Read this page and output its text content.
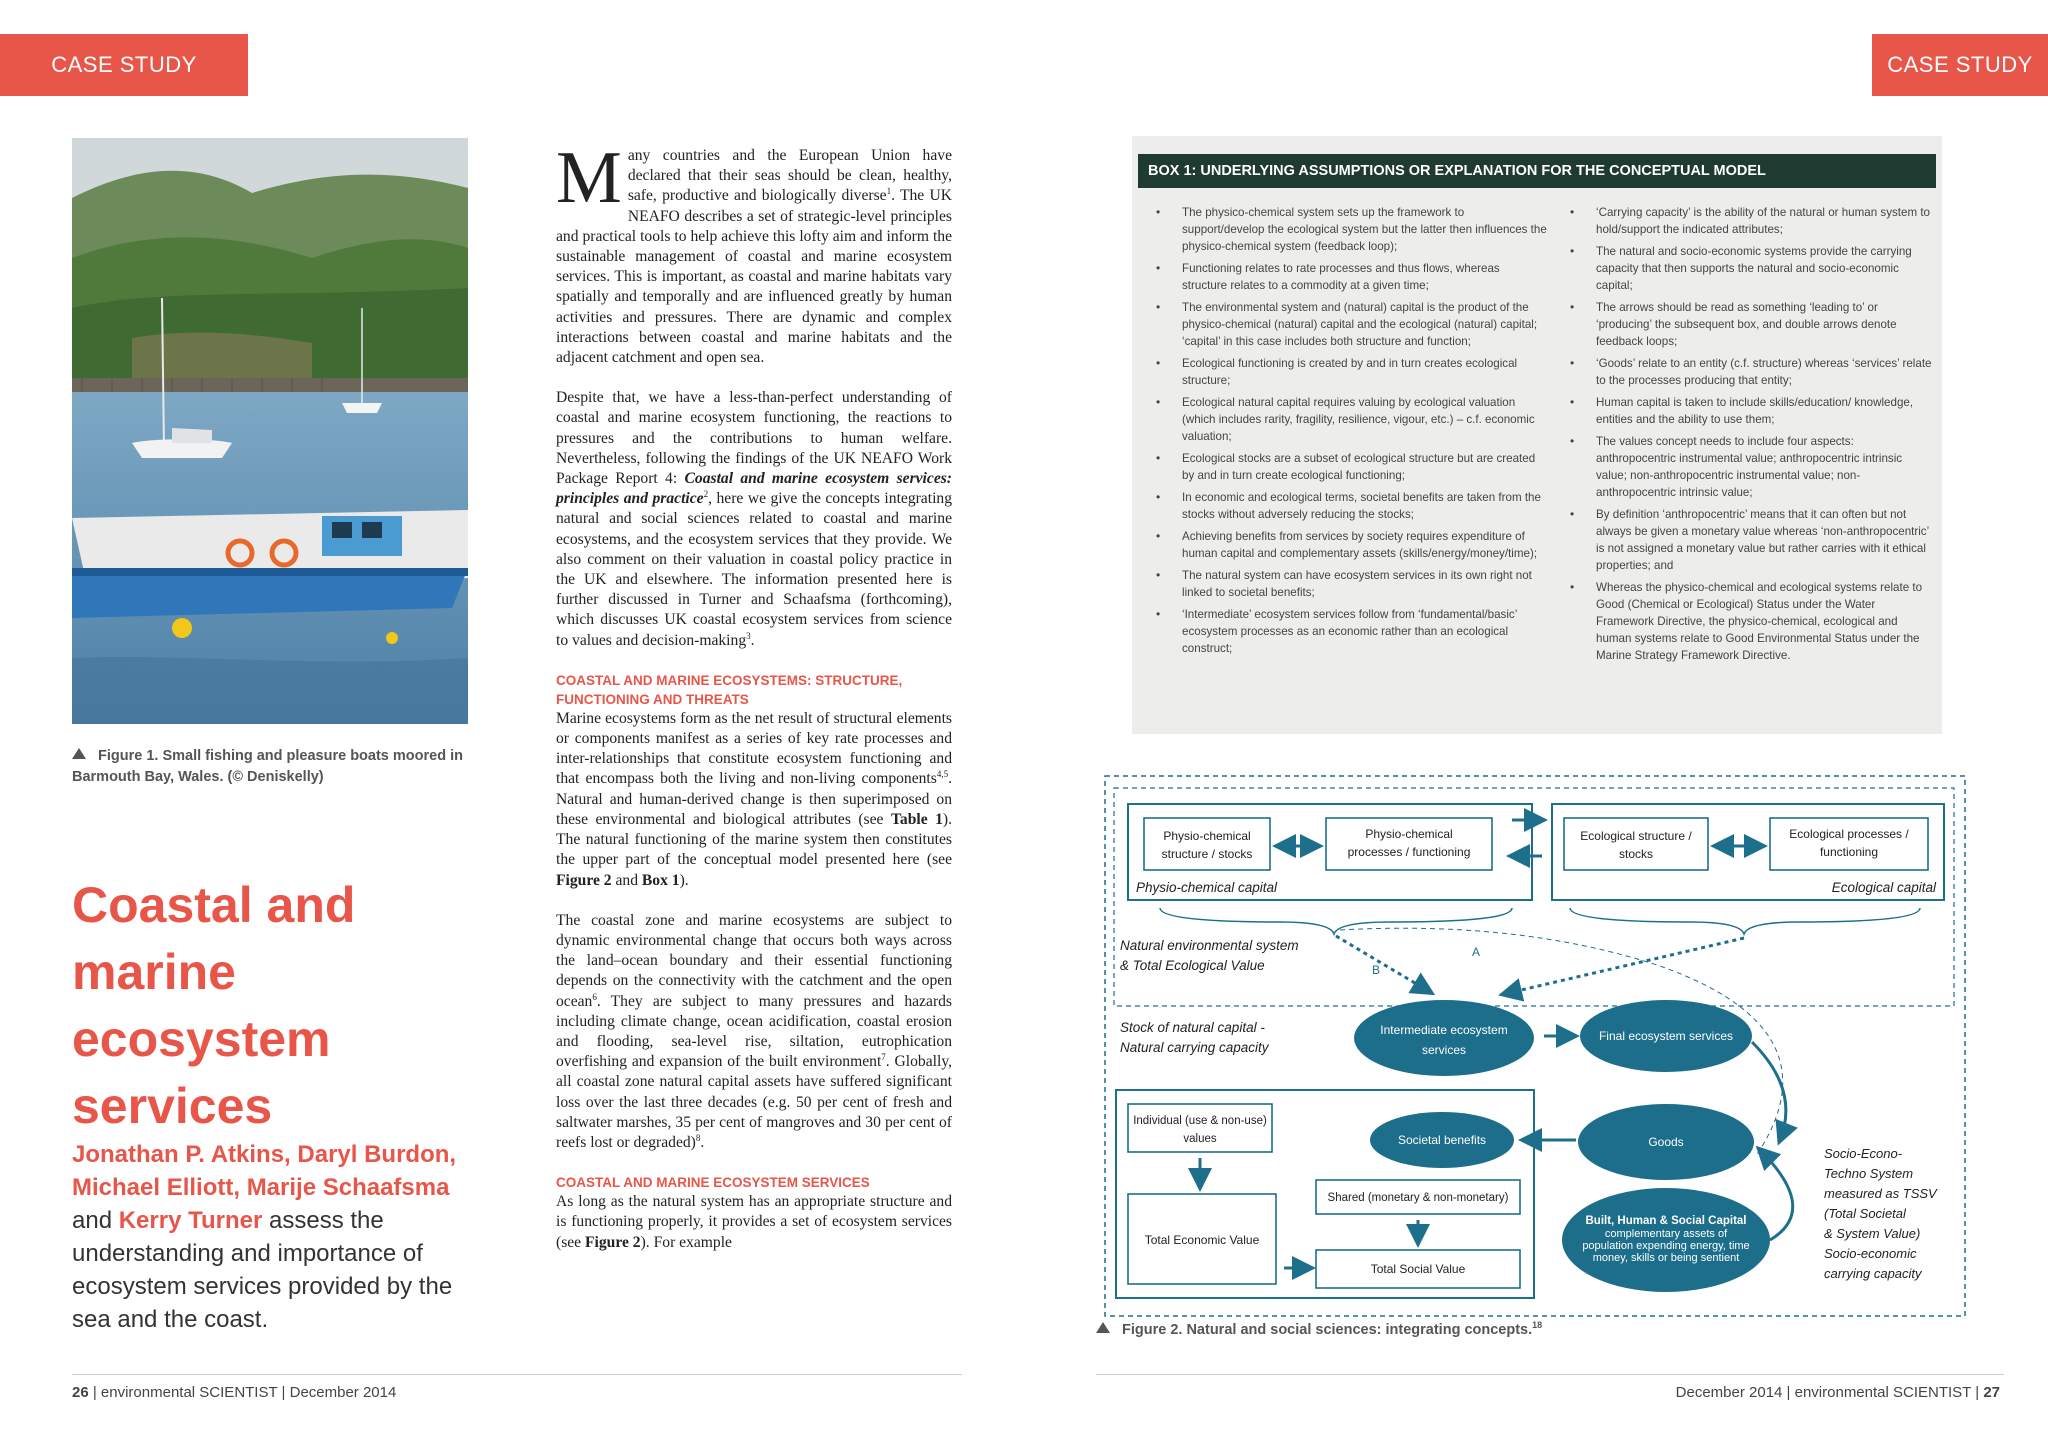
CASE STUDY
Figure 1. Small fishing and pleasure boats moored in Barmouth Bay, Wales. (© Deniskelly)
Coastal and marine ecosystem services
Jonathan P. Atkins, Daryl Burdon, Michael Elliott, Marije Schaafsma and Kerry Turner assess the understanding and importance of ecosystem services provided by the sea and the coast.

Many countries and the European Union have declared that their seas should be clean, healthy, safe, productive and biologically diverse$^1$. The UK NEAFO describes a set of strategic-level principles and practical tools to help achieve this lofty aim and inform the sustainable management of coastal and marine ecosystem services. This is important, as coastal and marine habitats vary spatially and temporally and are influenced greatly by human activities and pressures. There are dynamic and complex interactions between coastal and marine habitats and the adjacent catchment and open sea.

Despite that, we have a less-than-perfect understanding of coastal and marine ecosystem functioning, the reactions to pressures and the contributions to human welfare. Nevertheless, following the findings of the UK NEAFO Work Package Report 4: Coastal and marine ecosystem services: principles and practice$^2$, here we give the concepts integrating natural and social sciences related to coastal and marine ecosystems, and the ecosystem services that they provide. We also comment on their valuation in coastal policy practice in the UK and elsewhere. The information presented here is further discussed in Turner and Schaafsma (forthcoming), which discusses UK coastal ecosystem services from science to values and decision-making$^3$.

COASTAL AND MARINE ECOSYSTEMS: STRUCTURE, FUNCTIONING AND THREATS

Marine ecosystems form as the net result of structural elements or components manifest as a series of key rate processes and inter-relationships that constitute ecosystem functioning and that encompass both the living and non-living components$^{4,5}$. Natural and human-derived change is then superimposed on these environmental and biological attributes (see Table 1). The natural functioning of the marine system then constitutes the upper part of the conceptual model presented here (see Figure 2 and Box 1).

The coastal zone and marine ecosystems are subject to dynamic environmental change that occurs both ways across the land–ocean boundary and their essential functioning depends on the connectivity with the catchment and the open ocean$^6$. They are subject to many pressures and hazards including climate change, ocean acidification, coastal erosion and flooding, sea-level rise, siltation, eutrophication overfishing and expansion of the built environment$^7$. Globally, all coastal zone natural capital assets have suffered significant loss over the last three decades (e.g. 50 per cent of fresh and saltwater marshes, 35 per cent of mangroves and 30 per cent of reefs lost or degraded)$^8$.

COASTAL AND MARINE ECOSYSTEM SERVICES

As long as the natural system has an appropriate structure and is functioning properly, it provides a set of ecosystem services (see Figure 2). For example

26 | environmental SCIENTIST | December 2014
CASE STUDY
December 2014 | environmental SCIENTIST | 27
BOX 1: UNDERLYING ASSUMPTIONS OR EXPLANATION FOR THE CONCEPTUAL MODEL
• The physico-chemical system sets up the framework to support/develop the ecological system but the latter then influences the physico-chemical system (feedback loop);
• Functioning relates to rate processes and thus flows, whereas structure relates to a commodity at a given time;
• The environmental system and (natural) capital is the product of the physico-chemical (natural) capital and the ecological (natural) capital; ‘capital’ in this case includes both structure and function;
• Ecological functioning is created by and in turn creates ecological structure;
• Ecological natural capital requires valuing by ecological valuation (which includes rarity, fragility, resilience, vigour, etc.) – c.f. economic valuation;
• Ecological stocks are a subset of ecological structure but are created by and in turn create ecological functioning;
• In economic and ecological terms, societal benefits are taken from the stocks without adversely reducing the stocks;
• Achieving benefits from services by society requires expenditure of human capital and complementary assets (skills/energy/money/time);
• The natural system can have ecosystem services in its own right not linked to societal benefits;
• ‘Intermediate’ ecosystem services follow from ‘fundamental/basic’ ecosystem processes as an economic rather than an ecological construct;
• ‘Carrying capacity’ is the ability of the natural or human system to hold/support the indicated attributes;
• The natural and socio-economic systems provide the carrying capacity that then supports the natural and socio-economic capital;
• The arrows should be read as something ‘leading to’ or ‘producing’ the subsequent box, and double arrows denote feedback loops;
• ‘Goods’ relate to an entity (c.f. structure) whereas ‘services’ relate to the processes producing that entity;
• Human capital is taken to include skills/education/ knowledge, entities and the ability to use them;
• The values concept needs to include four aspects: anthropocentric instrumental value; anthropocentric intrinsic value; non-anthropocentric instrumental value; non-anthropocentric intrinsic value;
• By definition ‘anthropocentric’ means that it can often but not always be given a monetary value whereas ‘non-anthropocentric’ is not assigned a monetary value but rather carries with it ethical properties; and
• Whereas the physico-chemical and ecological systems relate to Good (Chemical or Ecological) Status under the Water Framework Directive, the physico-chemical, ecological and human systems relate to Good Environmental Status under the Marine Strategy Framework Directive.
Physio-chemical
structure / stocks
Physio-chemical
processes / functioning
Ecological structure /
stocks
Ecological processes /
functioning
Physio-chemical capital	Ecological capital
Natural environmental system
& Total Ecological Value	B
A
Stock of natural capital -
Natural carrying capacity
Intermediate ecosystem
services
Final ecosystem services
Individual (use & non-use)
values
Total Economic Value
Societal benefits
Shared (monetary & non-monetary)
Total Social Value
Goods
Built, Human & Social Capital
complementary assets of
population expending energy, time
money, skills or being sentient
Socio-Econo-
Techno System
measured as TSSV
(Total Societal
& System Value)
Socio-economic
carrying capacity
Figure 2. Natural and social sciences: integrating concepts.$^{18}$
